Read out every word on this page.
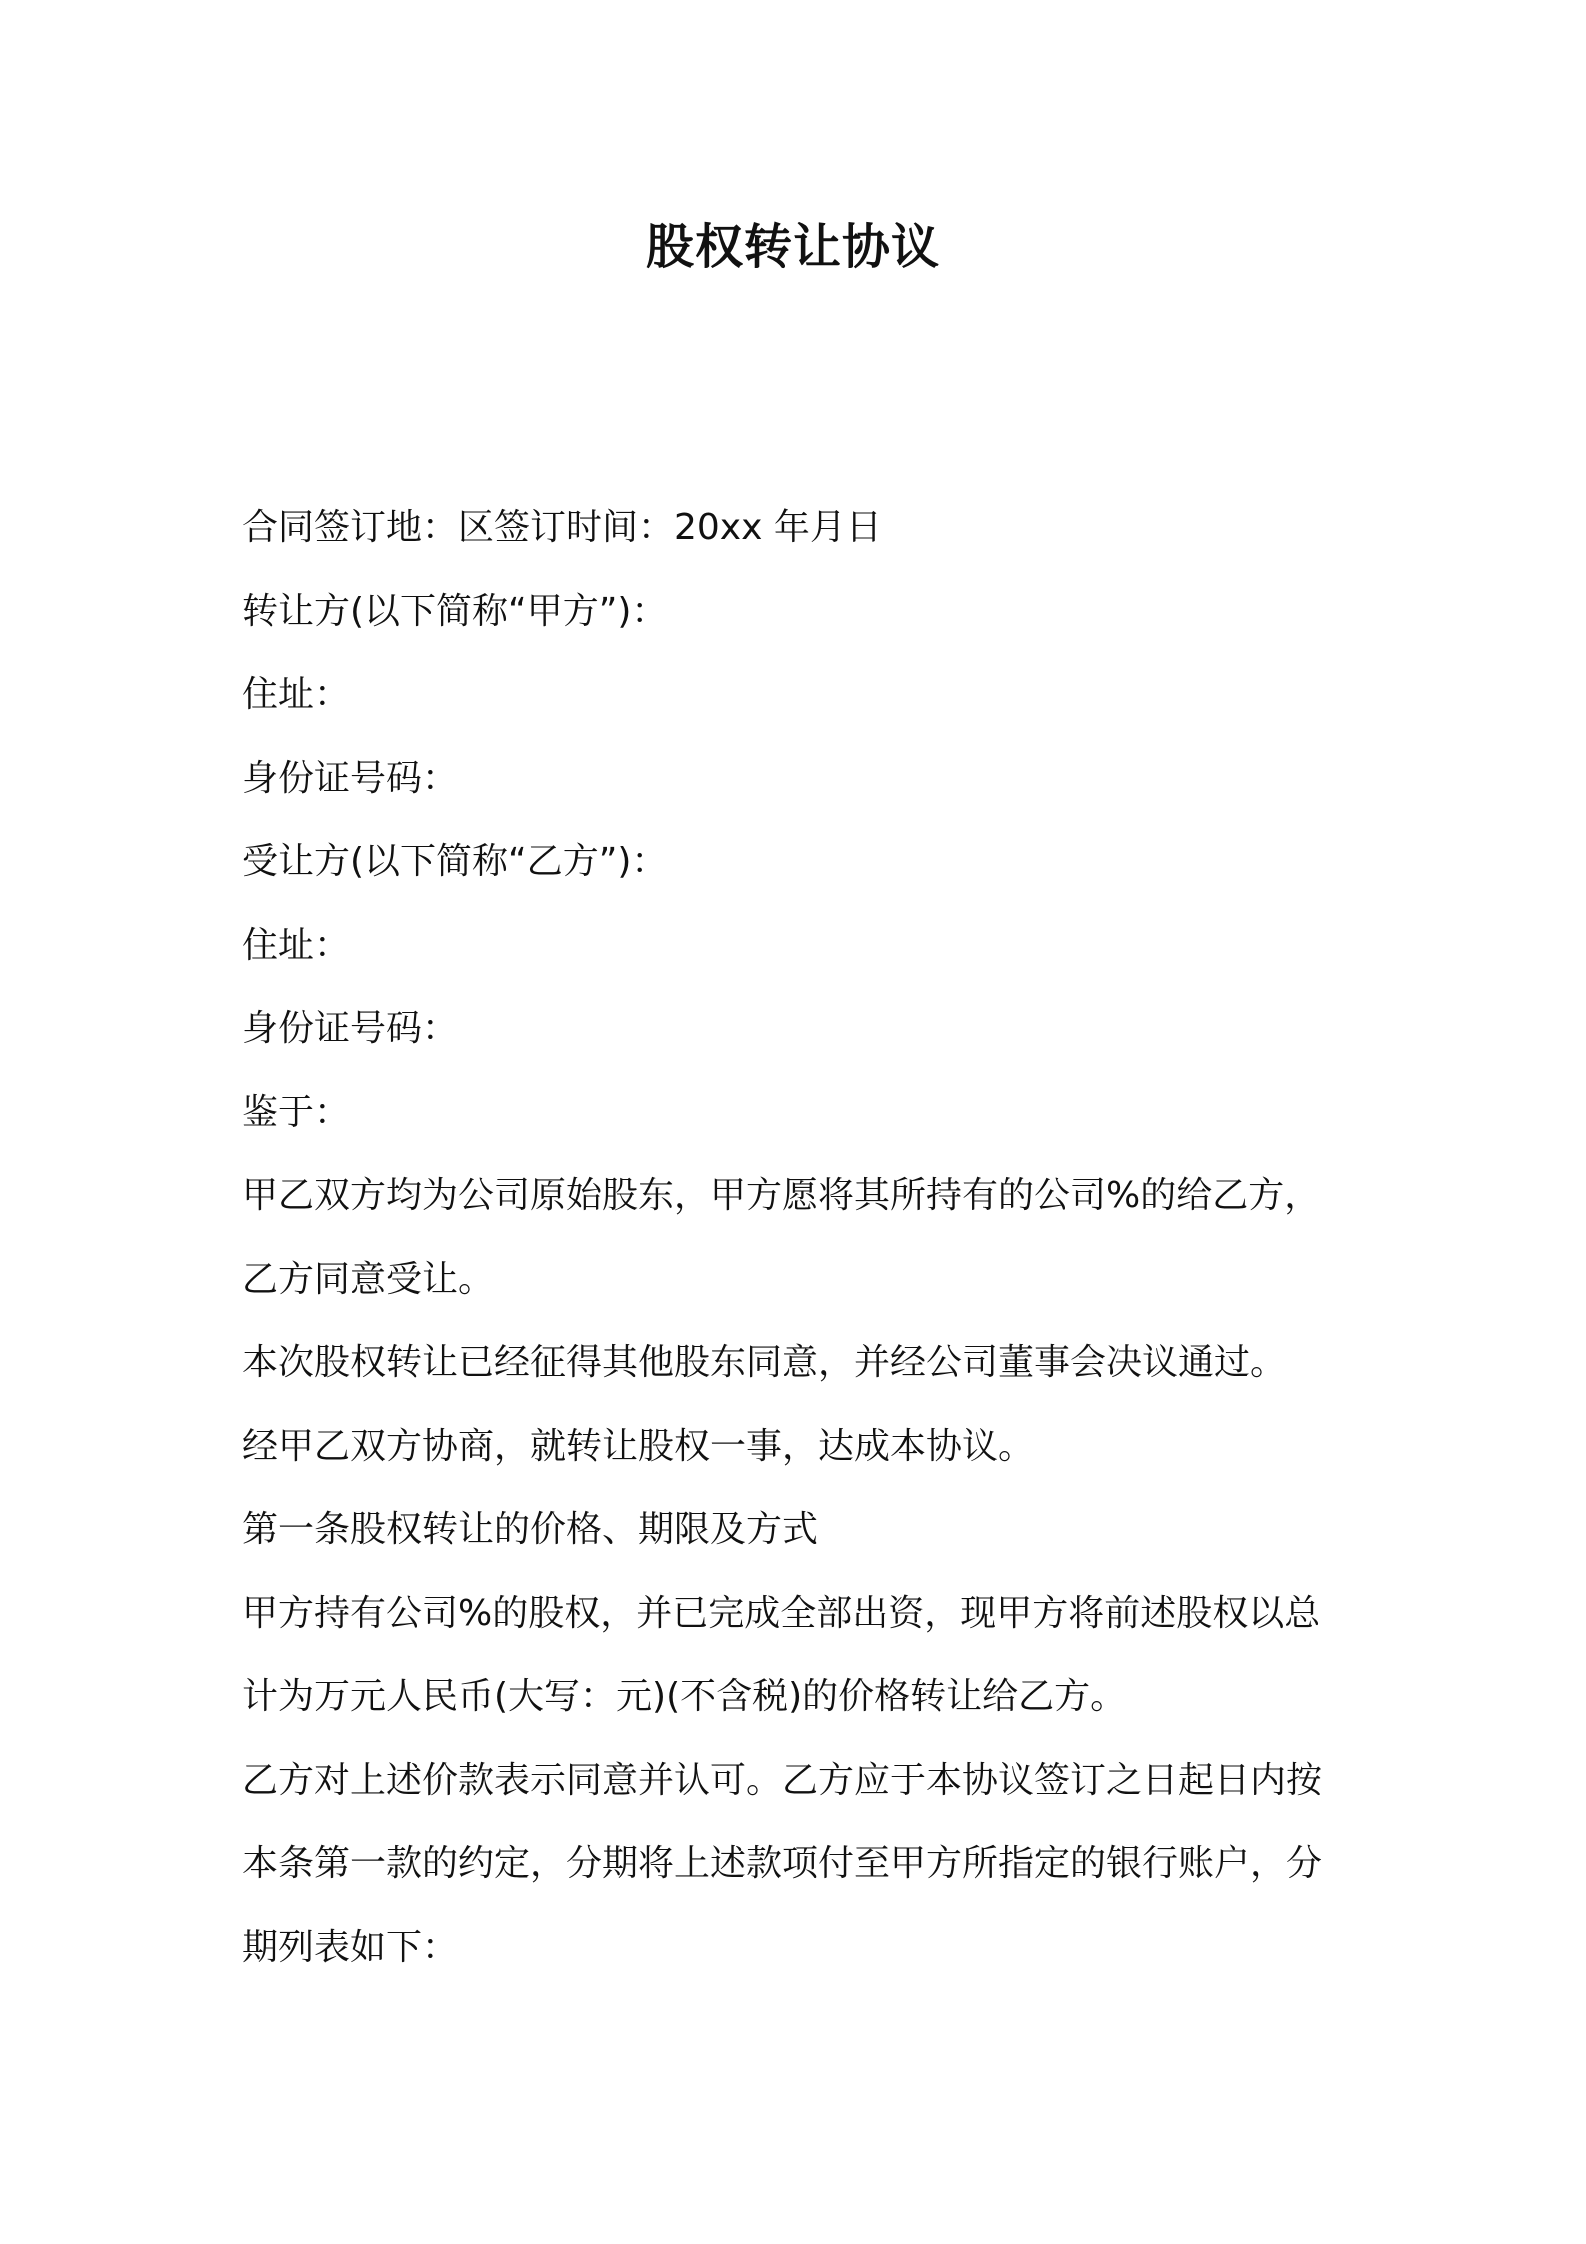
股权转让协议
合同签订地：区签订时间：20xx 年月日
转让方(以下简称“甲方”)：
住址：
身份证号码：
受让方(以下简称“乙方”)：
住址：
身份证号码：
鉴于：
甲乙双方均为公司原始股东，甲方愿将其所持有的公司%的给乙方，
乙方同意受让。
本次股权转让已经征得其他股东同意，并经公司董事会决议通过。
经甲乙双方协商，就转让股权一事，达成本协议。
第一条股权转让的价格、期限及方式
甲方持有公司%的股权，并已完成全部出资，现甲方将前述股权以总
计为万元人民币(大写：元)(不含税)的价格转让给乙方。
乙方对上述价款表示同意并认可。乙方应于本协议签订之日起日内按
本条第一款的约定，分期将上述款项付至甲方所指定的银行账户，分
期列表如下：
